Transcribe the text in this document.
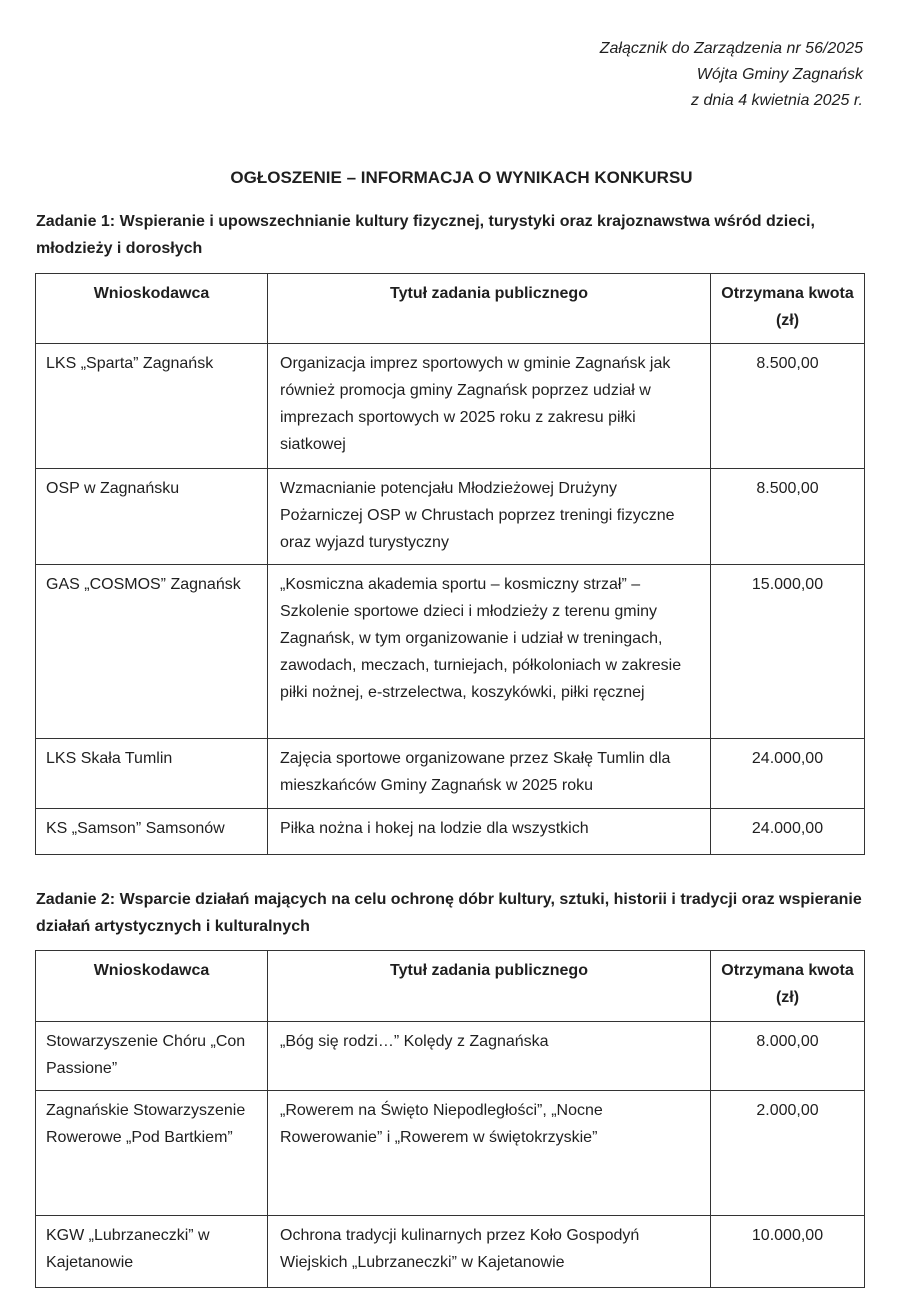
Załącznik do Zarządzenia nr 56/2025
Wójta Gminy Zagnańsk
z dnia 4 kwietnia 2025 r.
OGŁOSZENIE – INFORMACJA O WYNIKACH KONKURSU
Zadanie 1: Wspieranie i upowszechnianie kultury fizycznej, turystyki oraz krajoznawstwa wśród dzieci, młodzieży i dorosłych
Wnioskodawca	Tytuł zadania publicznego	Otrzymana kwota (zł)
LKS „Sparta” Zagnańsk	Organizacja imprez sportowych w gminie Zagnańsk jak również promocja gminy Zagnańsk poprzez udział w imprezach sportowych w 2025 roku z zakresu piłki siatkowej	8.500,00
OSP w Zagnańsku	Wzmacnianie potencjału Młodzieżowej Drużyny Pożarniczej OSP w Chrustach poprzez treningi fizyczne oraz wyjazd turystyczny	8.500,00
GAS „COSMOS” Zagnańsk	„Kosmiczna akademia sportu – kosmiczny strzał” – Szkolenie sportowe dzieci i młodzieży z terenu gminy Zagnańsk, w tym organizowanie i udział w treningach, zawodach, meczach, turniejach, półkoloniach w zakresie piłki nożnej, e-strzelectwa, koszykówki, piłki ręcznej	15.000,00
LKS Skała Tumlin	Zajęcia sportowe organizowane przez Skałę Tumlin dla mieszkańców Gminy Zagnańsk w 2025 roku	24.000,00
KS „Samson” Samsonów	Piłka nożna i hokej na lodzie dla wszystkich	24.000,00
Zadanie 2: Wsparcie działań mających na celu ochronę dóbr kultury, sztuki, historii i tradycji oraz wspieranie działań artystycznych i kulturalnych
Wnioskodawca	Tytuł zadania publicznego	Otrzymana kwota (zł)
Stowarzyszenie Chóru „Con Passione”	„Bóg się rodzi…” Kolędy z Zagnańska	8.000,00
Zagnańskie Stowarzyszenie Rowerowe „Pod Bartkiem”	„Rowerem na Święto Niepodległości”, „Nocne Rowerowanie” i „Rowerem w świętokrzyskie”	2.000,00
KGW „Lubrzaneczki” w Kajetanowie	Ochrona tradycji kulinarnych przez Koło Gospodyń Wiejskich „Lubrzaneczki” w Kajetanowie	10.000,00
